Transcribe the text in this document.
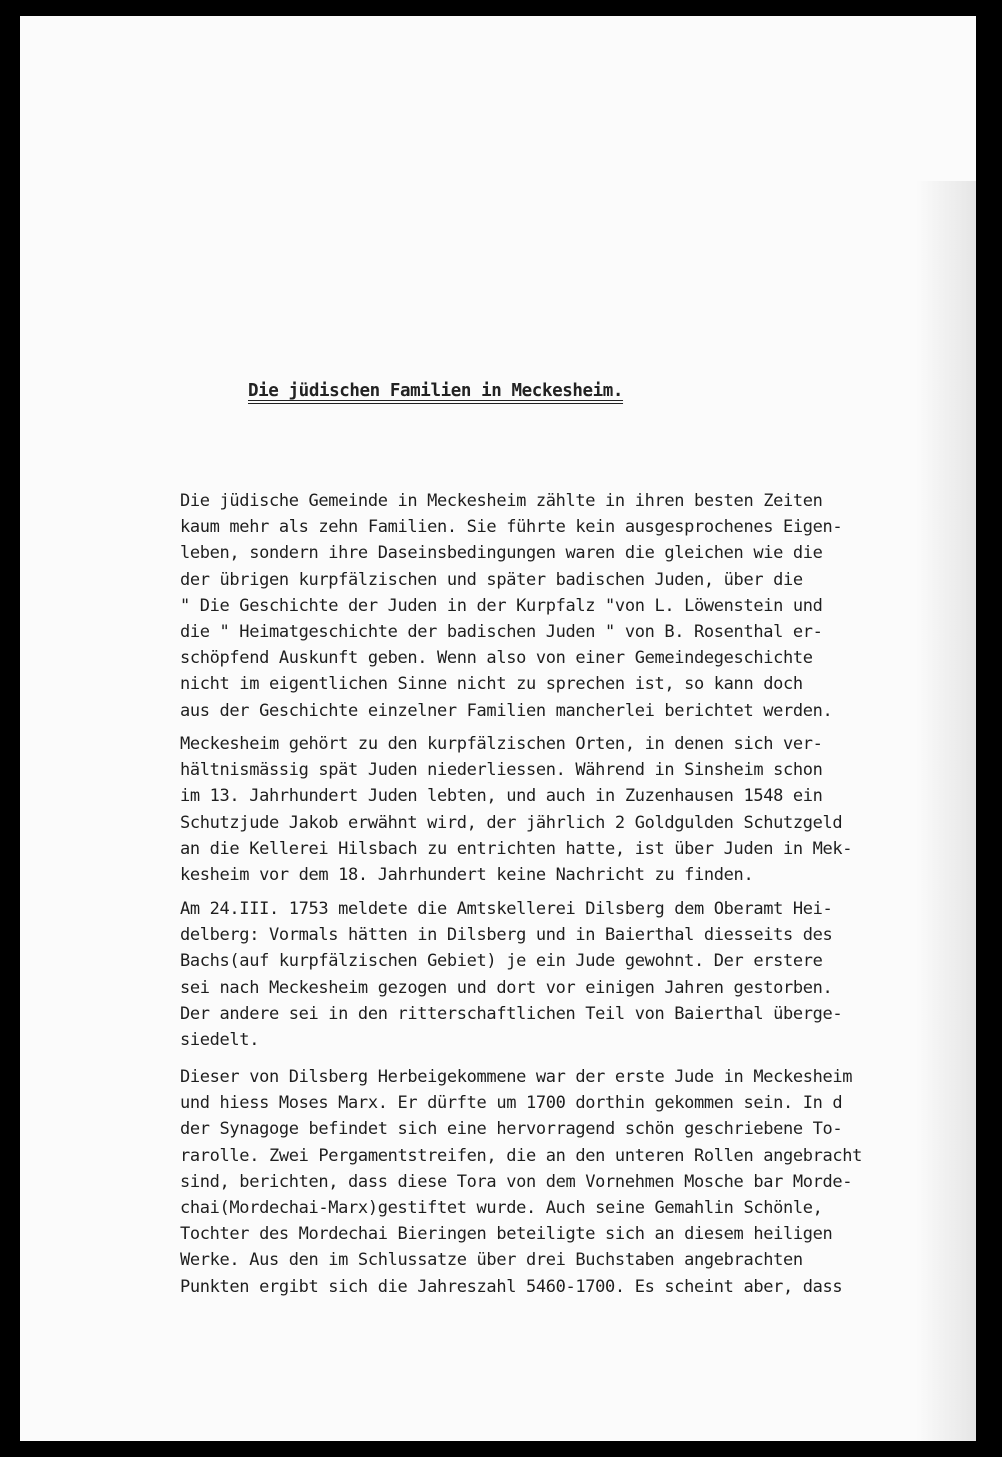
Die jüdischen Familien in Meckesheim.
Die jüdische Gemeinde in Meckesheim zählte in ihren besten Zeiten
kaum mehr als zehn Familien. Sie führte kein ausgesprochenes Eigen-
leben, sondern ihre Daseinsbedingungen waren die gleichen wie die
der übrigen kurpfälzischen und später badischen Juden, über die
" Die Geschichte der Juden in der Kurpfalz "von L. Löwenstein und
die " Heimatgeschichte der badischen Juden " von B. Rosenthal er-
schöpfend Auskunft geben. Wenn also von einer Gemeindegeschichte
nicht im eigentlichen Sinne nicht zu sprechen ist, so kann doch
aus der Geschichte einzelner Familien mancherlei berichtet werden.
Meckesheim gehört zu den kurpfälzischen Orten, in denen sich ver-
hältnismässig spät Juden niederliessen. Während in Sinsheim schon
im 13. Jahrhundert Juden lebten, und auch in Zuzenhausen 1548 ein
Schutzjude Jakob erwähnt wird, der jährlich 2 Goldgulden Schutzgeld
an die Kellerei Hilsbach zu entrichten hatte, ist über Juden in Mek-
kesheim vor dem 18. Jahrhundert keine Nachricht zu finden.
Am 24.III. 1753 meldete die Amtskellerei Dilsberg dem Oberamt Hei-
delberg: Vormals hätten in Dilsberg und in Baierthal diesseits des
Bachs(auf kurpfälzischen Gebiet) je ein Jude gewohnt. Der erstere
sei nach Meckesheim gezogen und dort vor einigen Jahren gestorben.
Der andere sei in den ritterschaftlichen Teil von Baierthal überge-
siedelt.
Dieser von Dilsberg Herbeigekommene war der erste Jude in Meckesheim
und hiess Moses Marx. Er dürfte um 1700 dorthin gekommen sein. In d
der Synagoge befindet sich eine hervorragend schön geschriebene To-
rarolle. Zwei Pergamentstreifen, die an den unteren Rollen angebracht
sind, berichten, dass diese Tora von dem Vornehmen Mosche bar Morde-
chai(Mordechai-Marx)gestiftet wurde. Auch seine Gemahlin Schönle,
Tochter des Mordechai Bieringen beteiligte sich an diesem heiligen
Werke. Aus den im Schlussatze über drei Buchstaben angebrachten
Punkten ergibt sich die Jahreszahl 5460-1700. Es scheint aber, dass
